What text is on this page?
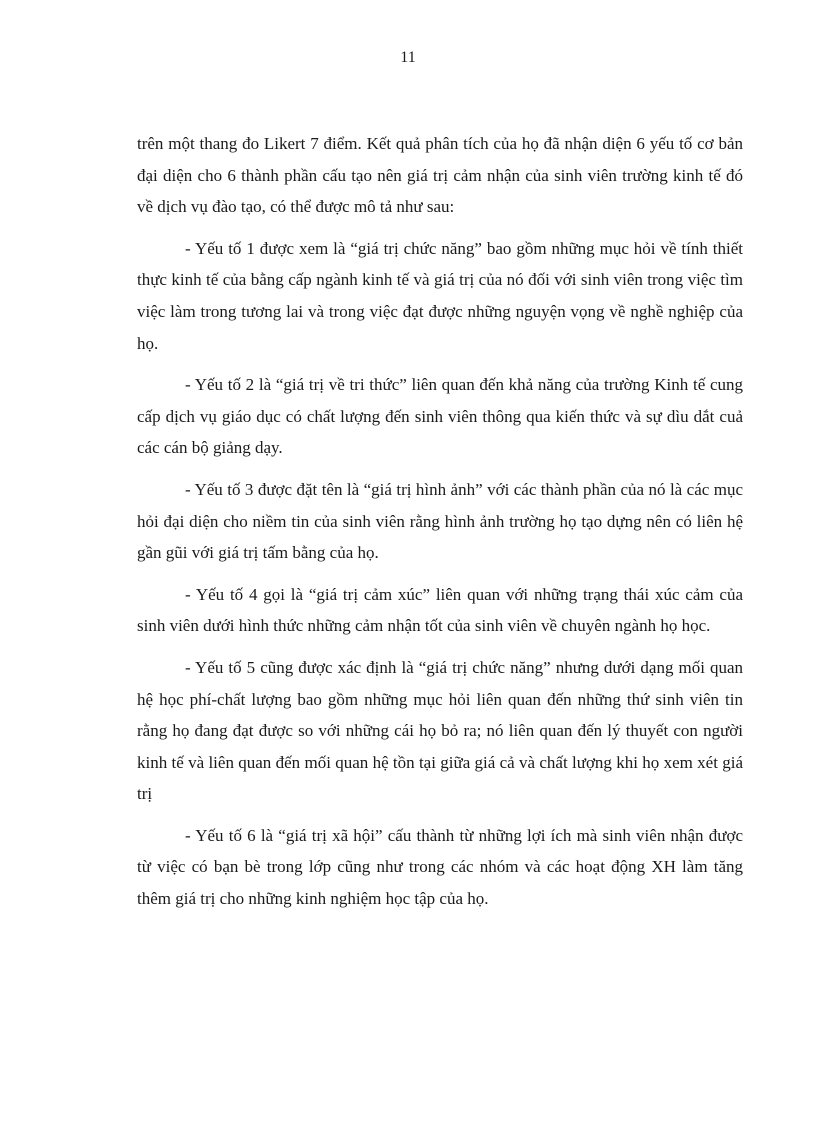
11

trên một thang đo Likert 7 điểm. Kết quả phân tích của họ đã nhận diện 6 yếu tố cơ bản đại diện cho 6 thành phần cấu tạo nên giá trị cảm nhận của sinh viên trường kinh tế đó về dịch vụ đào tạo, có thể được mô tả như sau:

- Yếu tố 1 được xem là “giá trị chức năng” bao gồm những mục hỏi về tính thiết thực kinh tế của bằng cấp ngành kinh tế và giá trị của nó đối với sinh viên trong việc tìm việc làm trong tương lai và trong việc đạt được những nguyện vọng về nghề nghiệp của họ.

- Yếu tố 2 là “giá trị về tri thức” liên quan đến khả năng của trường Kinh tế cung cấp dịch vụ giáo dục có chất lượng đến sinh viên thông qua kiến thức và sự dìu dắt cuả các cán bộ giảng dạy.

- Yếu tố 3 được đặt tên là “giá trị hình ảnh” với các thành phần của nó là các mục hỏi đại diện cho niềm tin của sinh viên rằng hình ảnh trường họ tạo dựng nên có liên hệ gần gũi với giá trị tấm bằng của họ.

- Yếu tố 4 gọi là “giá trị cảm xúc” liên quan với những trạng thái xúc cảm của sinh viên dưới hình thức những cảm nhận tốt của sinh viên về chuyên ngành họ học.

- Yếu tố 5 cũng được xác định là “giá trị chức năng” nhưng dưới dạng mối quan hệ học phí-chất lượng bao gồm những mục hỏi liên quan đến những thứ sinh viên tin rằng họ đang đạt được so với những cái họ bỏ ra; nó liên quan đến lý thuyết con người kinh tế và liên quan đến mối quan hệ tồn tại giữa giá cả và chất lượng khi họ xem xét giá trị

- Yếu tố 6 là “giá trị xã hội” cấu thành từ những lợi ích mà sinh viên nhận được từ việc có bạn bè trong lớp cũng như trong các nhóm và các hoạt động XH làm tăng thêm giá trị cho những kinh nghiệm học tập của họ.
